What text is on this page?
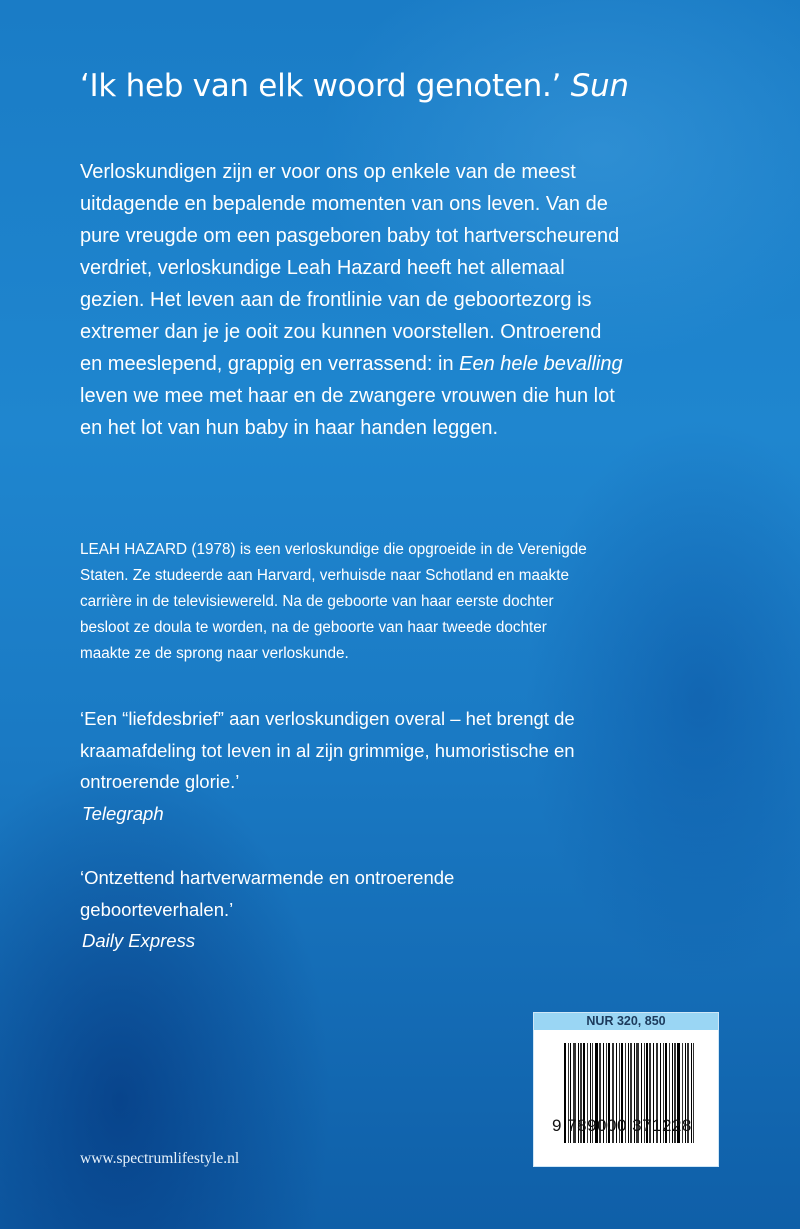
‘Ik heb van elk woord genoten.’ Sun
Verloskundigen zijn er voor ons op enkele van de meest
uitdagende en bepalende momenten van ons leven. Van de
pure vreugde om een pasgeboren baby tot hartverscheurend
verdriet, verloskundige Leah Hazard heeft het allemaal
gezien. Het leven aan de frontlinie van de geboortezorg is
extremer dan je je ooit zou kunnen voorstellen. Ontroerend
en meeslepend, grappig en verrassend: in Een hele bevalling
leven we mee met haar en de zwangere vrouwen die hun lot
en het lot van hun baby in haar handen leggen.
LEAH HAZARD (1978) is een verloskundige die opgroeide in de Verenigde
Staten. Ze studeerde aan Harvard, verhuisde naar Schotland en maakte
carrière in de televisiewereld. Na de geboorte van haar eerste dochter
besloot ze doula te worden, na de geboorte van haar tweede dochter
maakte ze de sprong naar verloskunde.
‘Een “liefdesbrief” aan verloskundigen overal – het brengt de
kraamafdeling tot leven in al zijn grimmige, humoristische en
ontroerende glorie.’
Telegraph
‘Ontzettend hartverwarmende en ontroerende
geboorteverhalen.’
Daily Express
NUR 320, 850
9 789000 371228
www.spectrumlifestyle.nl
